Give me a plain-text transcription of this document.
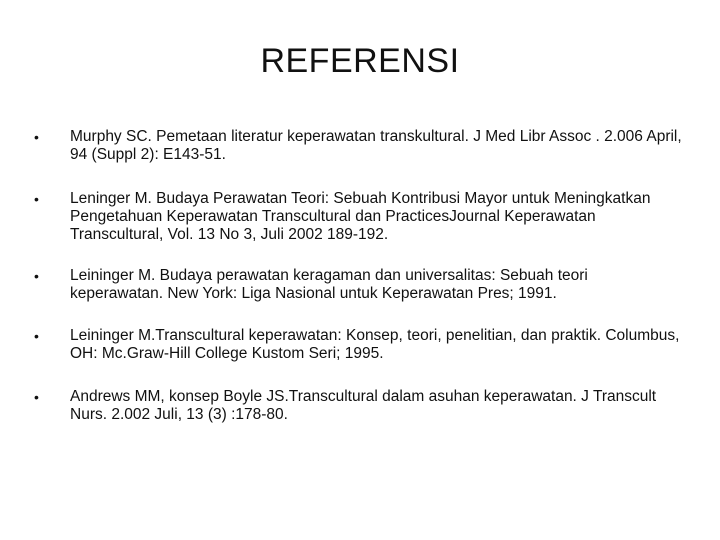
REFERENSI
• Murphy SC. Pemetaan literatur keperawatan transkultural. J Med Libr Assoc . 2.006 April, 94 (Suppl 2): E143-51.
• Leninger M. Budaya Perawatan Teori: Sebuah Kontribusi Mayor untuk Meningkatkan Pengetahuan Keperawatan Transcultural dan PracticesJournal Keperawatan Transcultural, Vol. 13 No 3, Juli 2002 189-192.
• Leininger M. Budaya perawatan keragaman dan universalitas: Sebuah teori keperawatan. New York: Liga Nasional untuk Keperawatan Pres; 1991.
• Leininger M.Transcultural keperawatan: Konsep, teori, penelitian, dan praktik. Columbus, OH: Mc.Graw-Hill College Kustom Seri; 1995.
• Andrews MM, konsep Boyle JS.Transcultural dalam asuhan keperawatan. J Transcult Nurs. 2.002 Juli, 13 (3) :178-80.
